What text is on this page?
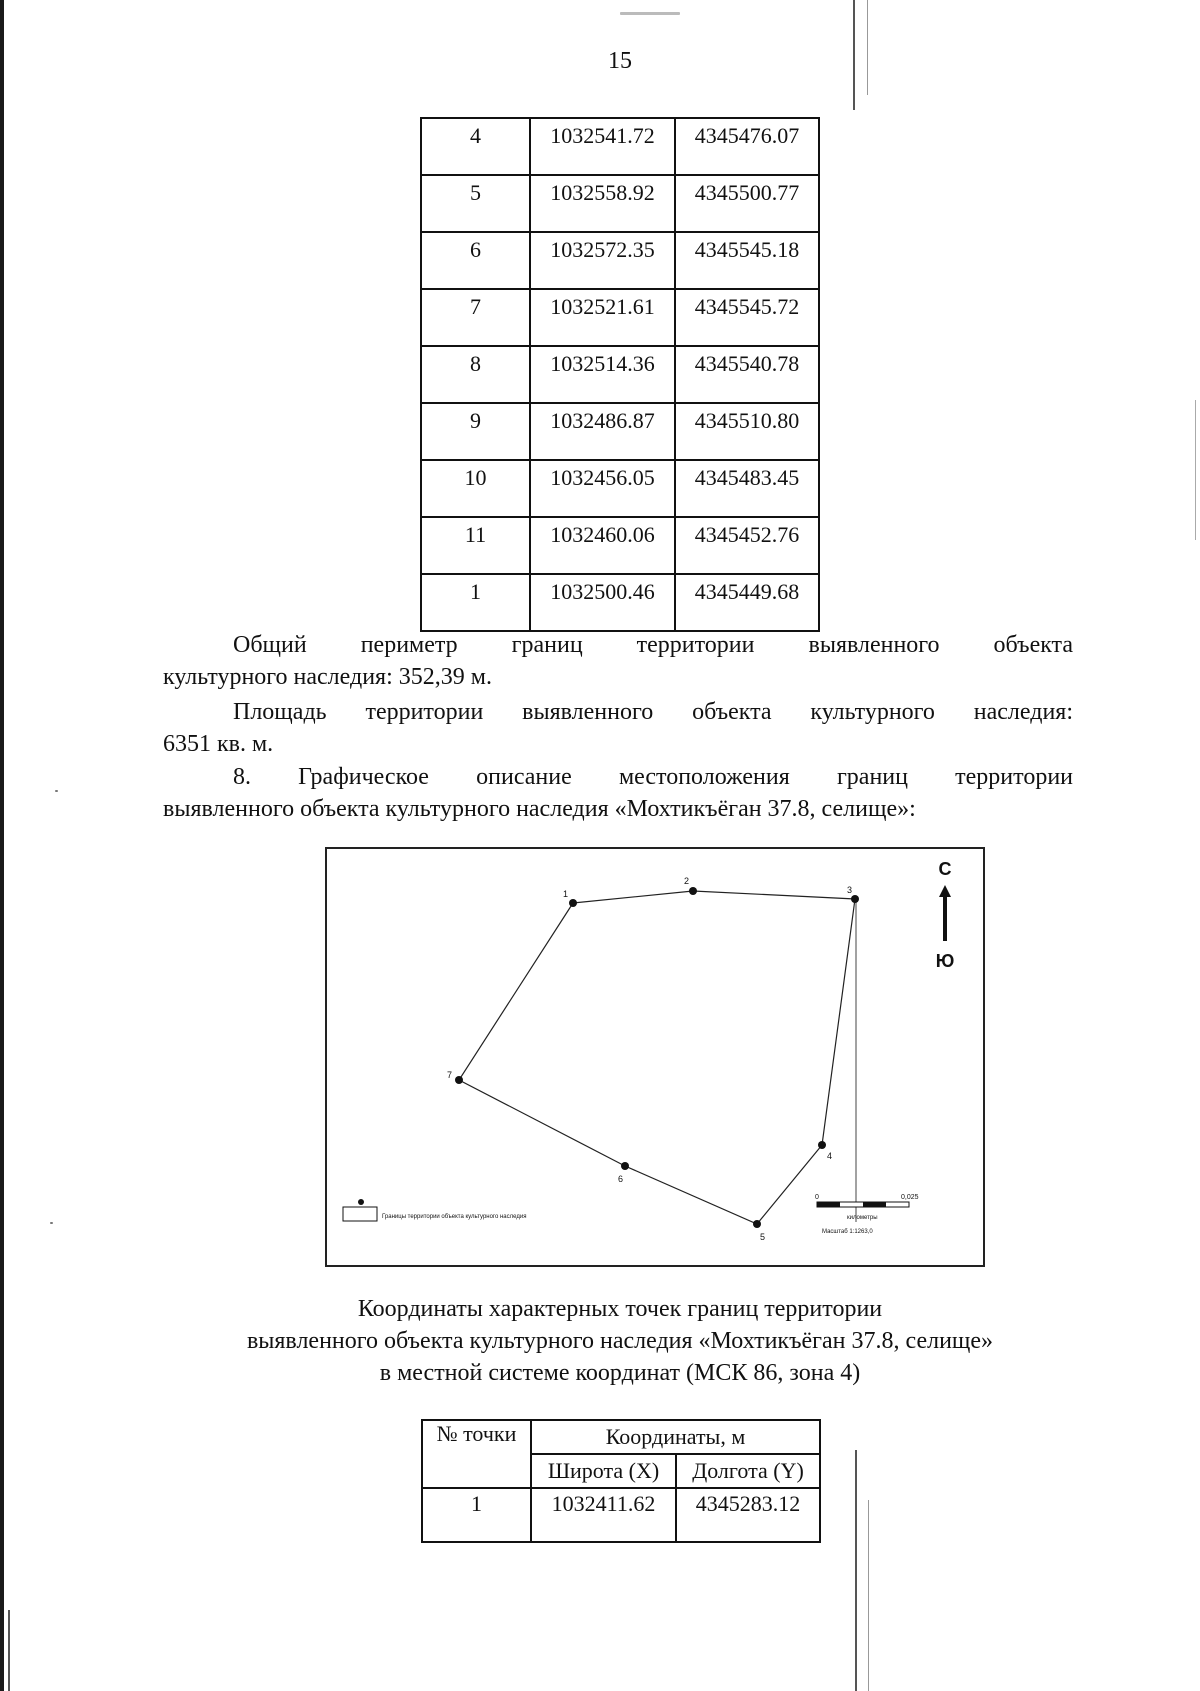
15
4	1032541.72	4345476.07
5	1032558.92	4345500.77
6	1032572.35	4345545.18
7	1032521.61	4345545.72
8	1032514.36	4345540.78
9	1032486.87	4345510.80
10	1032456.05	4345483.45
11	1032460.06	4345452.76
1	1032500.46	4345449.68
Общий периметр границ территории выявленного объекта
культурного наследия: 352,39 м.
Площадь территории выявленного объекта культурного наследия:
6351 кв. м.
8. Графическое описание местоположения границ территории
выявленного объекта культурного наследия «Мохтикъёган 37.8, селище»:
1
2
3
4
5
6
7
С
Ю
0	0,025
километры
Масштаб 1:1263,0
Границы территории объекта культурного наследия
Координаты характерных точек границ территории
выявленного объекта культурного наследия «Мохтикъёган 37.8, селище»
в местной системе координат (МСК 86, зона 4)
№ точки	Координаты, м	
	Широта (X)	Долгота (Y)
1	1032411.62	4345283.12
